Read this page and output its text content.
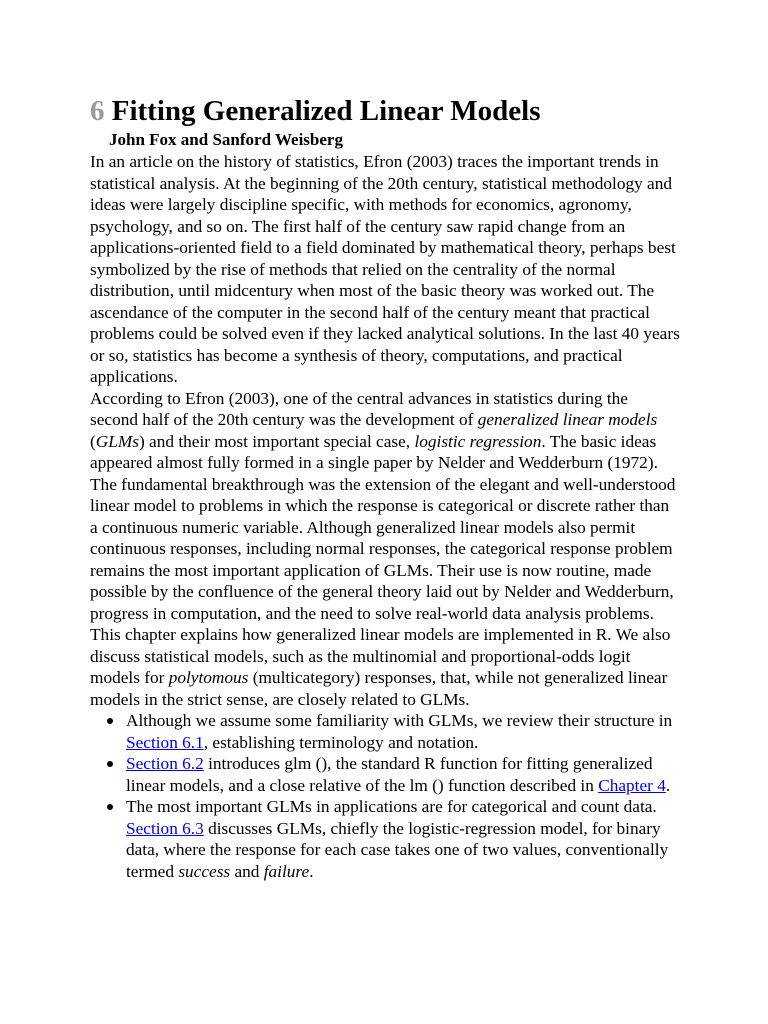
6 Fitting Generalized Linear Models

John Fox and Sanford Weisberg

In an article on the history of statistics, Efron (2003) traces the important trends in statistical analysis. At the beginning of the 20th century, statistical methodology and ideas were largely discipline specific, with methods for economics, agronomy, psychology, and so on. The first half of the century saw rapid change from an applications-oriented field to a field dominated by mathematical theory, perhaps best symbolized by the rise of methods that relied on the centrality of the normal distribution, until midcentury when most of the basic theory was worked out. The ascendance of the computer in the second half of the century meant that practical problems could be solved even if they lacked analytical solutions. In the last 40 years or so, statistics has become a synthesis of theory, computations, and practical applications.

According to Efron (2003), one of the central advances in statistics during the second half of the 20th century was the development of generalized linear models (GLMs) and their most important special case, logistic regression. The basic ideas appeared almost fully formed in a single paper by Nelder and Wedderburn (1972). The fundamental breakthrough was the extension of the elegant and well-understood linear model to problems in which the response is categorical or discrete rather than a continuous numeric variable. Although generalized linear models also permit continuous responses, including normal responses, the categorical response problem remains the most important application of GLMs. Their use is now routine, made possible by the confluence of the general theory laid out by Nelder and Wedderburn, progress in computation, and the need to solve real-world data analysis problems.

This chapter explains how generalized linear models are implemented in R. We also discuss statistical models, such as the multinomial and proportional-odds logit models for polytomous (multicategory) responses, that, while not generalized linear models in the strict sense, are closely related to GLMs.

Although we assume some familiarity with GLMs, we review their structure in Section 6.1, establishing terminology and notation.
Section 6.2 introduces glm (), the standard R function for fitting generalized linear models, and a close relative of the lm () function described in Chapter 4.
The most important GLMs in applications are for categorical and count data. Section 6.3 discusses GLMs, chiefly the logistic-regression model, for binary data, where the response for each case takes one of two values, conventionally termed success and failure.
